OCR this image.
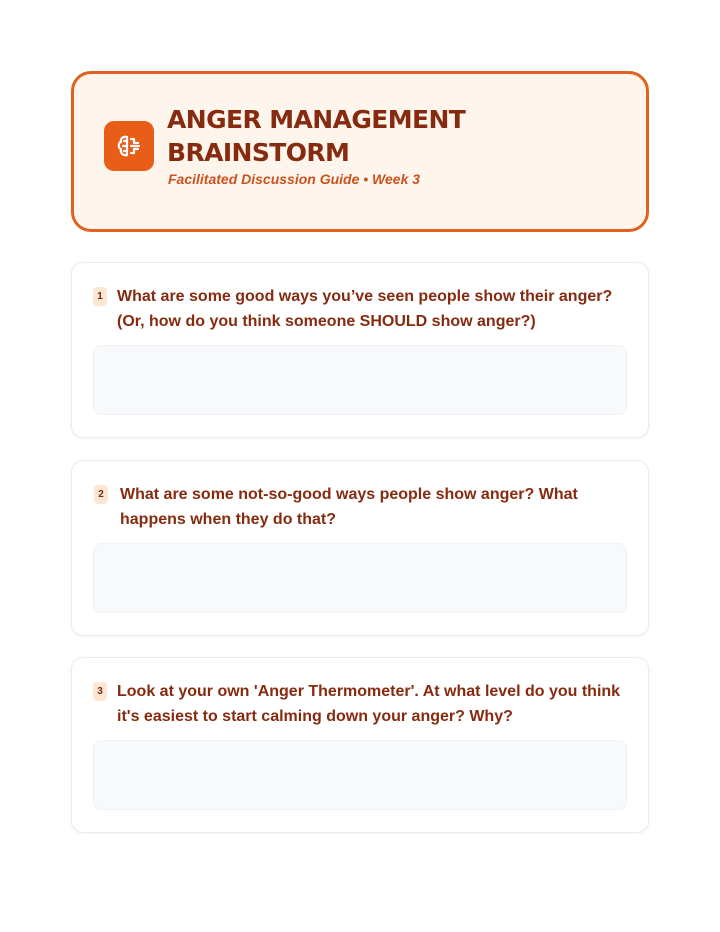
ANGER MANAGEMENT
BRAINSTORM
Facilitated Discussion Guide • Week 3
1 What are some good ways you’ve seen people show their anger?
(Or, how do you think someone SHOULD show anger?)
2 What are some not-so-good ways people show anger? What
happens when they do that?
3 Look at your own 'Anger Thermometer'. At what level do you think
it's easiest to start calming down your anger? Why?
